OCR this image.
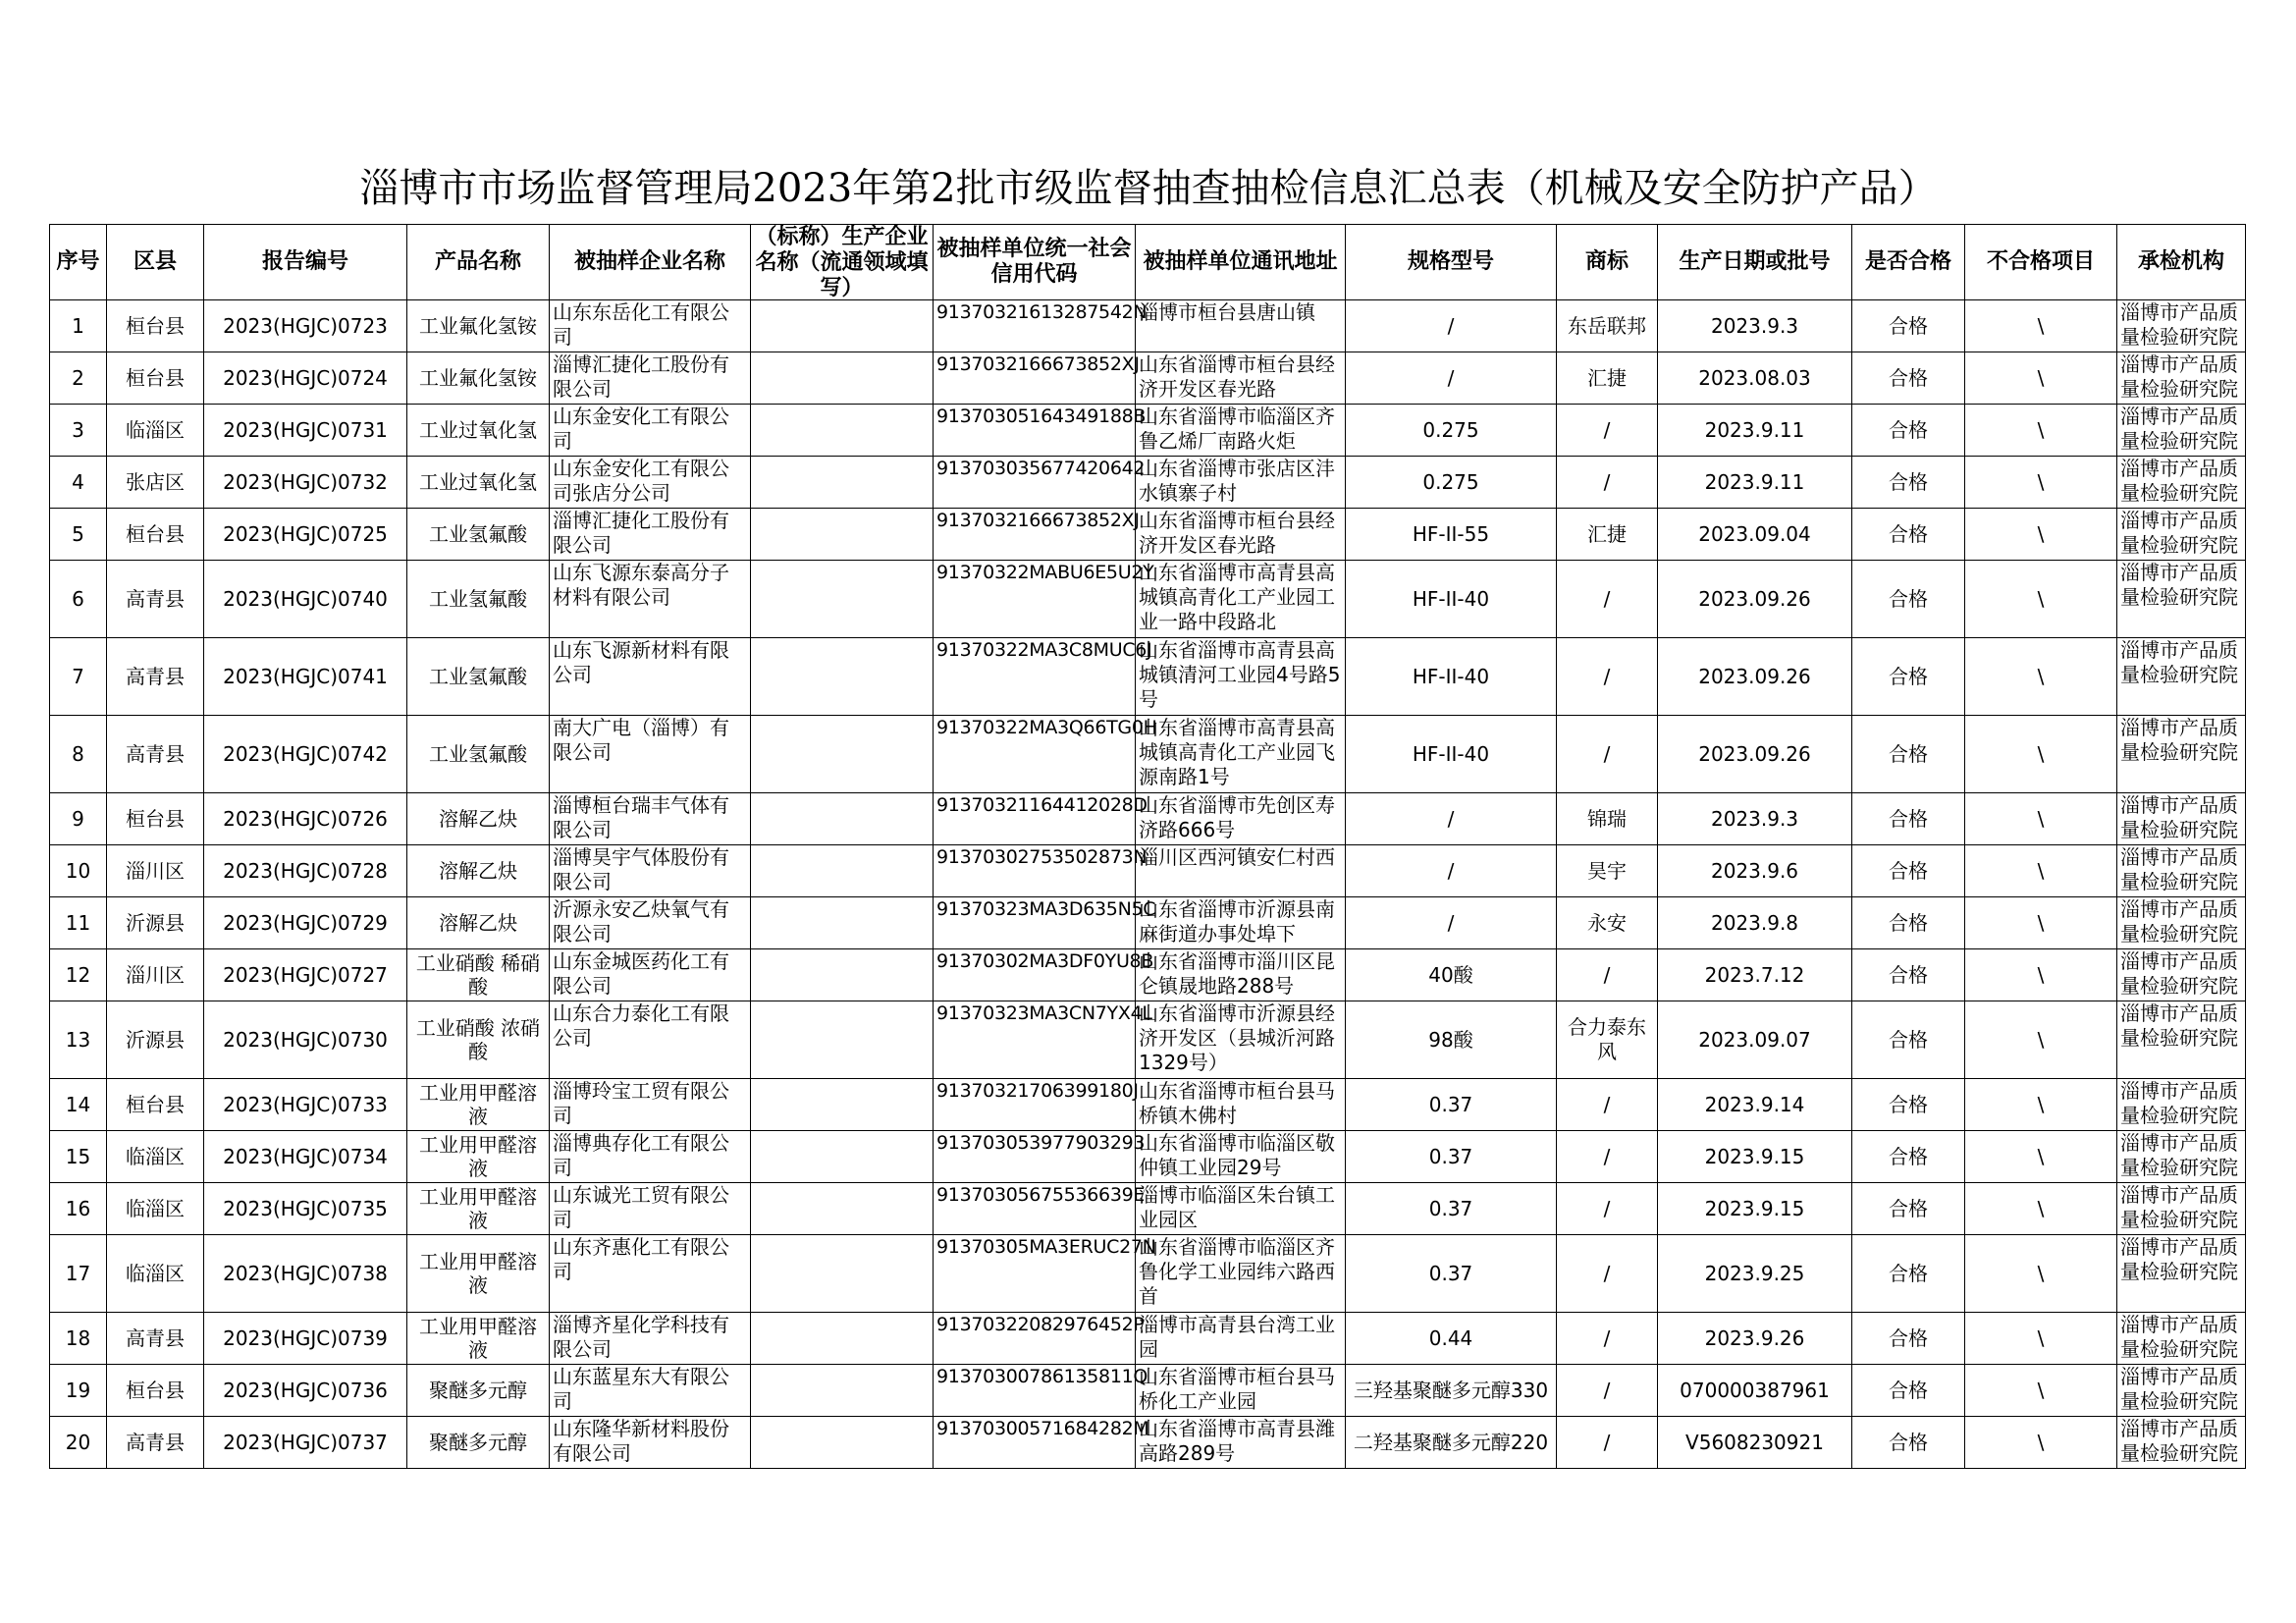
淄博市市场监督管理局2023年第2批市级监督抽查抽检信息汇总表（机械及安全防护产品）
序号	区县	报告编号	产品名称	被抽样企业名称	（标称）生产企业名称（流通领域填写）	被抽样单位统一社会信用代码	被抽样单位通讯地址	规格型号	商标	生产日期或批号	是否合格	不合格项目	承检机构
1	桓台县	2023(HGJC)0723	工业氟化氢铵	山东东岳化工有限公司		91370321613287542N	淄博市桓台县唐山镇	/	东岳联邦	2023.9.3	合格	\	淄博市产品质量检验研究院

2	桓台县	2023(HGJC)0724	工业氟化氢铵	淄博汇捷化工股份有限公司		9137032166673852XJ	山东省淄博市桓台县经济开发区春光路	/	汇捷	2023.08.03	合格	\	淄博市产品质量检验研究院

3	临淄区	2023(HGJC)0731	工业过氧化氢	山东金安化工有限公司		91370305164349188B	山东省淄博市临淄区齐鲁乙烯厂南路火炬	0.275	/	2023.9.11	合格	\	淄博市产品质量检验研究院

4	张店区	2023(HGJC)0732	工业过氧化氢	山东金安化工有限公司张店分公司		913703035677420642	山东省淄博市张店区沣水镇寨子村	0.275	/	2023.9.11	合格	\	淄博市产品质量检验研究院

5	桓台县	2023(HGJC)0725	工业氢氟酸	淄博汇捷化工股份有限公司		9137032166673852XJ	山东省淄博市桓台县经济开发区春光路	HF-II-55	汇捷	2023.09.04	合格	\	淄博市产品质量检验研究院

6	高青县	2023(HGJC)0740	工业氢氟酸	山东飞源东泰高分子材料有限公司		91370322MABU6E5U2Y	山东省淄博市高青县高城镇高青化工产业园工业一路中段路北	HF-II-40	/	2023.09.26	合格	\	淄博市产品质量检验研究院

7	高青县	2023(HGJC)0741	工业氢氟酸	山东飞源新材料有限公司		91370322MA3C8MUC6J	山东省淄博市高青县高城镇清河工业园4号路5号	HF-II-40	/	2023.09.26	合格	\	淄博市产品质量检验研究院

8	高青县	2023(HGJC)0742	工业氢氟酸	南大广电（淄博）有限公司		91370322MA3Q66TG0H	山东省淄博市高青县高城镇高青化工产业园飞源南路1号	HF-II-40	/	2023.09.26	合格	\	淄博市产品质量检验研究院

9	桓台县	2023(HGJC)0726	溶解乙炔	淄博桓台瑞丰气体有限公司		91370321164412028D	山东省淄博市先创区寿济路666号	/	锦瑞	2023.9.3	合格	\	淄博市产品质量检验研究院

10	淄川区	2023(HGJC)0728	溶解乙炔	淄博昊宇气体股份有限公司		91370302753502873N	淄川区西河镇安仁村西	/	昊宇	2023.9.6	合格	\	淄博市产品质量检验研究院

11	沂源县	2023(HGJC)0729	溶解乙炔	沂源永安乙炔氧气有限公司		91370323MA3D635N5C	山东省淄博市沂源县南麻街道办事处埠下	/	永安	2023.9.8	合格	\	淄博市产品质量检验研究院

12	淄川区	2023(HGJC)0727	工业硝酸 稀硝酸	山东金城医药化工有限公司		91370302MA3DF0YU8B	山东省淄博市淄川区昆仑镇晟地路288号	40酸	/	2023.7.12	合格	\	淄博市产品质量检验研究院

13	沂源县	2023(HGJC)0730	工业硝酸 浓硝酸	山东合力泰化工有限公司		91370323MA3CN7YX4L	山东省淄博市沂源县经济开发区（县城沂河路1329号）	98酸	合力泰东风	2023.09.07	合格	\	淄博市产品质量检验研究院

14	桓台县	2023(HGJC)0733	工业用甲醛溶液	淄博玲宝工贸有限公司		91370321706399180J	山东省淄博市桓台县马桥镇木佛村	0.37	/	2023.9.14	合格	\	淄博市产品质量检验研究院

15	临淄区	2023(HGJC)0734	工业用甲醛溶液	淄博典存化工有限公司		913703053977903293	山东省淄博市临淄区敬仲镇工业园29号	0.37	/	2023.9.15	合格	\	淄博市产品质量检验研究院

16	临淄区	2023(HGJC)0735	工业用甲醛溶液	山东诚光工贸有限公司		91370305675536639E	淄博市临淄区朱台镇工业园区	0.37	/	2023.9.15	合格	\	淄博市产品质量检验研究院

17	临淄区	2023(HGJC)0738	工业用甲醛溶液	山东齐惠化工有限公司		91370305MA3ERUC27N	山东省淄博市临淄区齐鲁化学工业园纬六路西首	0.37	/	2023.9.25	合格	\	淄博市产品质量检验研究院

18	高青县	2023(HGJC)0739	工业用甲醛溶液	淄博齐星化学科技有限公司		91370322082976452P	淄博市高青县台湾工业园	0.44	/	2023.9.26	合格	\	淄博市产品质量检验研究院

19	桓台县	2023(HGJC)0736	聚醚多元醇	山东蓝星东大有限公司		91370300786135811Q	山东省淄博市桓台县马桥化工产业园	三羟基聚醚多元醇330	/	070000387961	合格	\	淄博市产品质量检验研究院

20	高青县	2023(HGJC)0737	聚醚多元醇	山东隆华新材料股份有限公司		91370300571684282M	山东省淄博市高青县潍高路289号	二羟基聚醚多元醇220	/	V5608230921	合格	\	淄博市产品质量检验研究院
